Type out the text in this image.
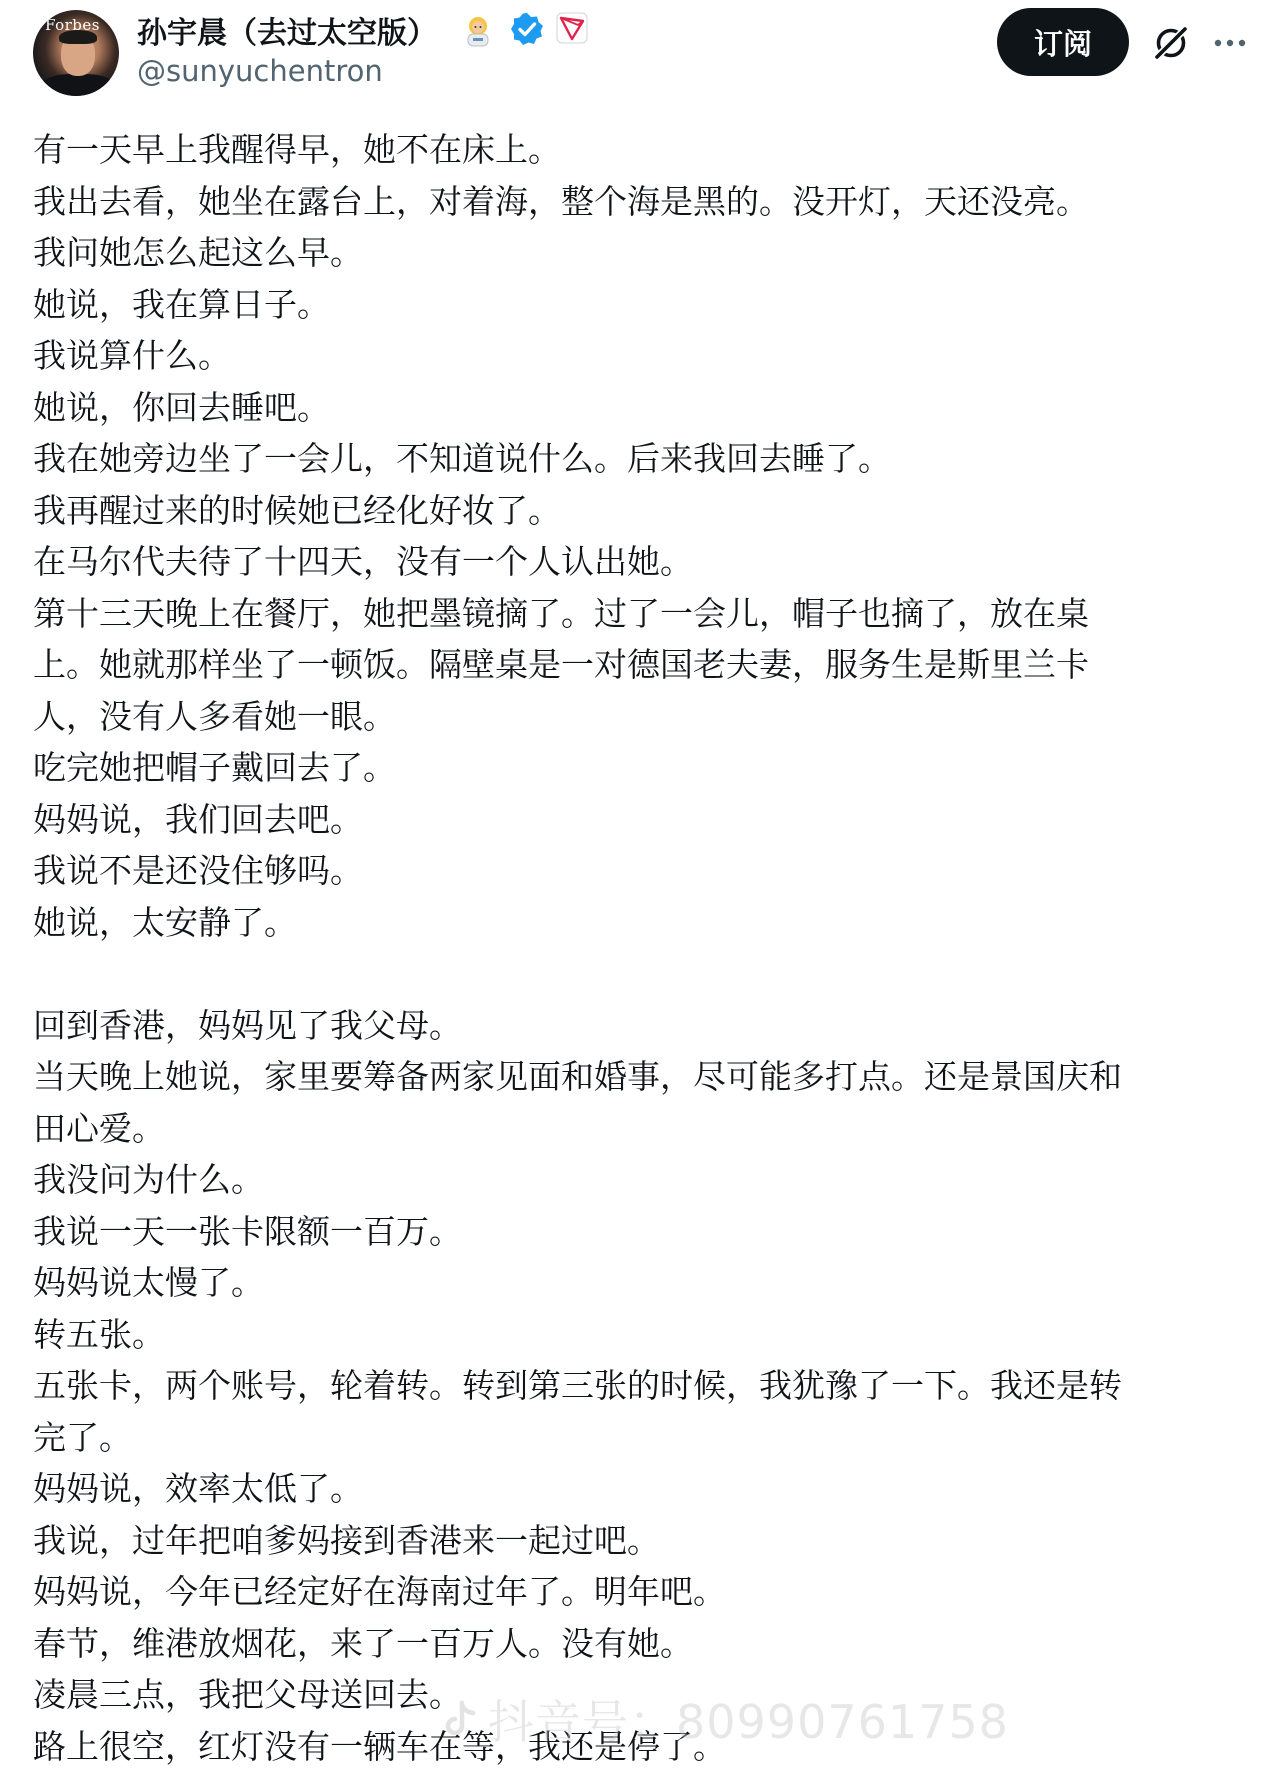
Forbes 孙宇晨（去过太空版）
@sunyuchentron
订阅
有一天早上我醒得早，她不在床上。
我出去看，她坐在露台上，对着海，整个海是黑的。没开灯，天还没亮。
我问她怎么起这么早。
她说，我在算日子。
我说算什么。
她说，你回去睡吧。
我在她旁边坐了一会儿，不知道说什么。后来我回去睡了。
我再醒过来的时候她已经化好妆了。
在马尔代夫待了十四天，没有一个人认出她。
第十三天晚上在餐厅，她把墨镜摘了。过了一会儿，帽子也摘了，放在桌
上。她就那样坐了一顿饭。隔壁桌是一对德国老夫妻，服务生是斯里兰卡
人，没有人多看她一眼。
吃完她把帽子戴回去了。
妈妈说，我们回去吧。
我说不是还没住够吗。
她说，太安静了。
回到香港，妈妈见了我父母。
当天晚上她说，家里要筹备两家见面和婚事，尽可能多打点。还是景国庆和
田心爱。
我没问为什么。
我说一天一张卡限额一百万。
妈妈说太慢了。
转五张。
五张卡，两个账号，轮着转。转到第三张的时候，我犹豫了一下。我还是转
完了。
妈妈说，效率太低了。
我说，过年把咱爹妈接到香港来一起过吧。
妈妈说，今年已经定好在海南过年了。明年吧。
春节，维港放烟花，来了一百万人。没有她。
凌晨三点，我把父母送回去。
路上很空，红灯没有一辆车在等，我还是停了。
抖音号：80990761758
